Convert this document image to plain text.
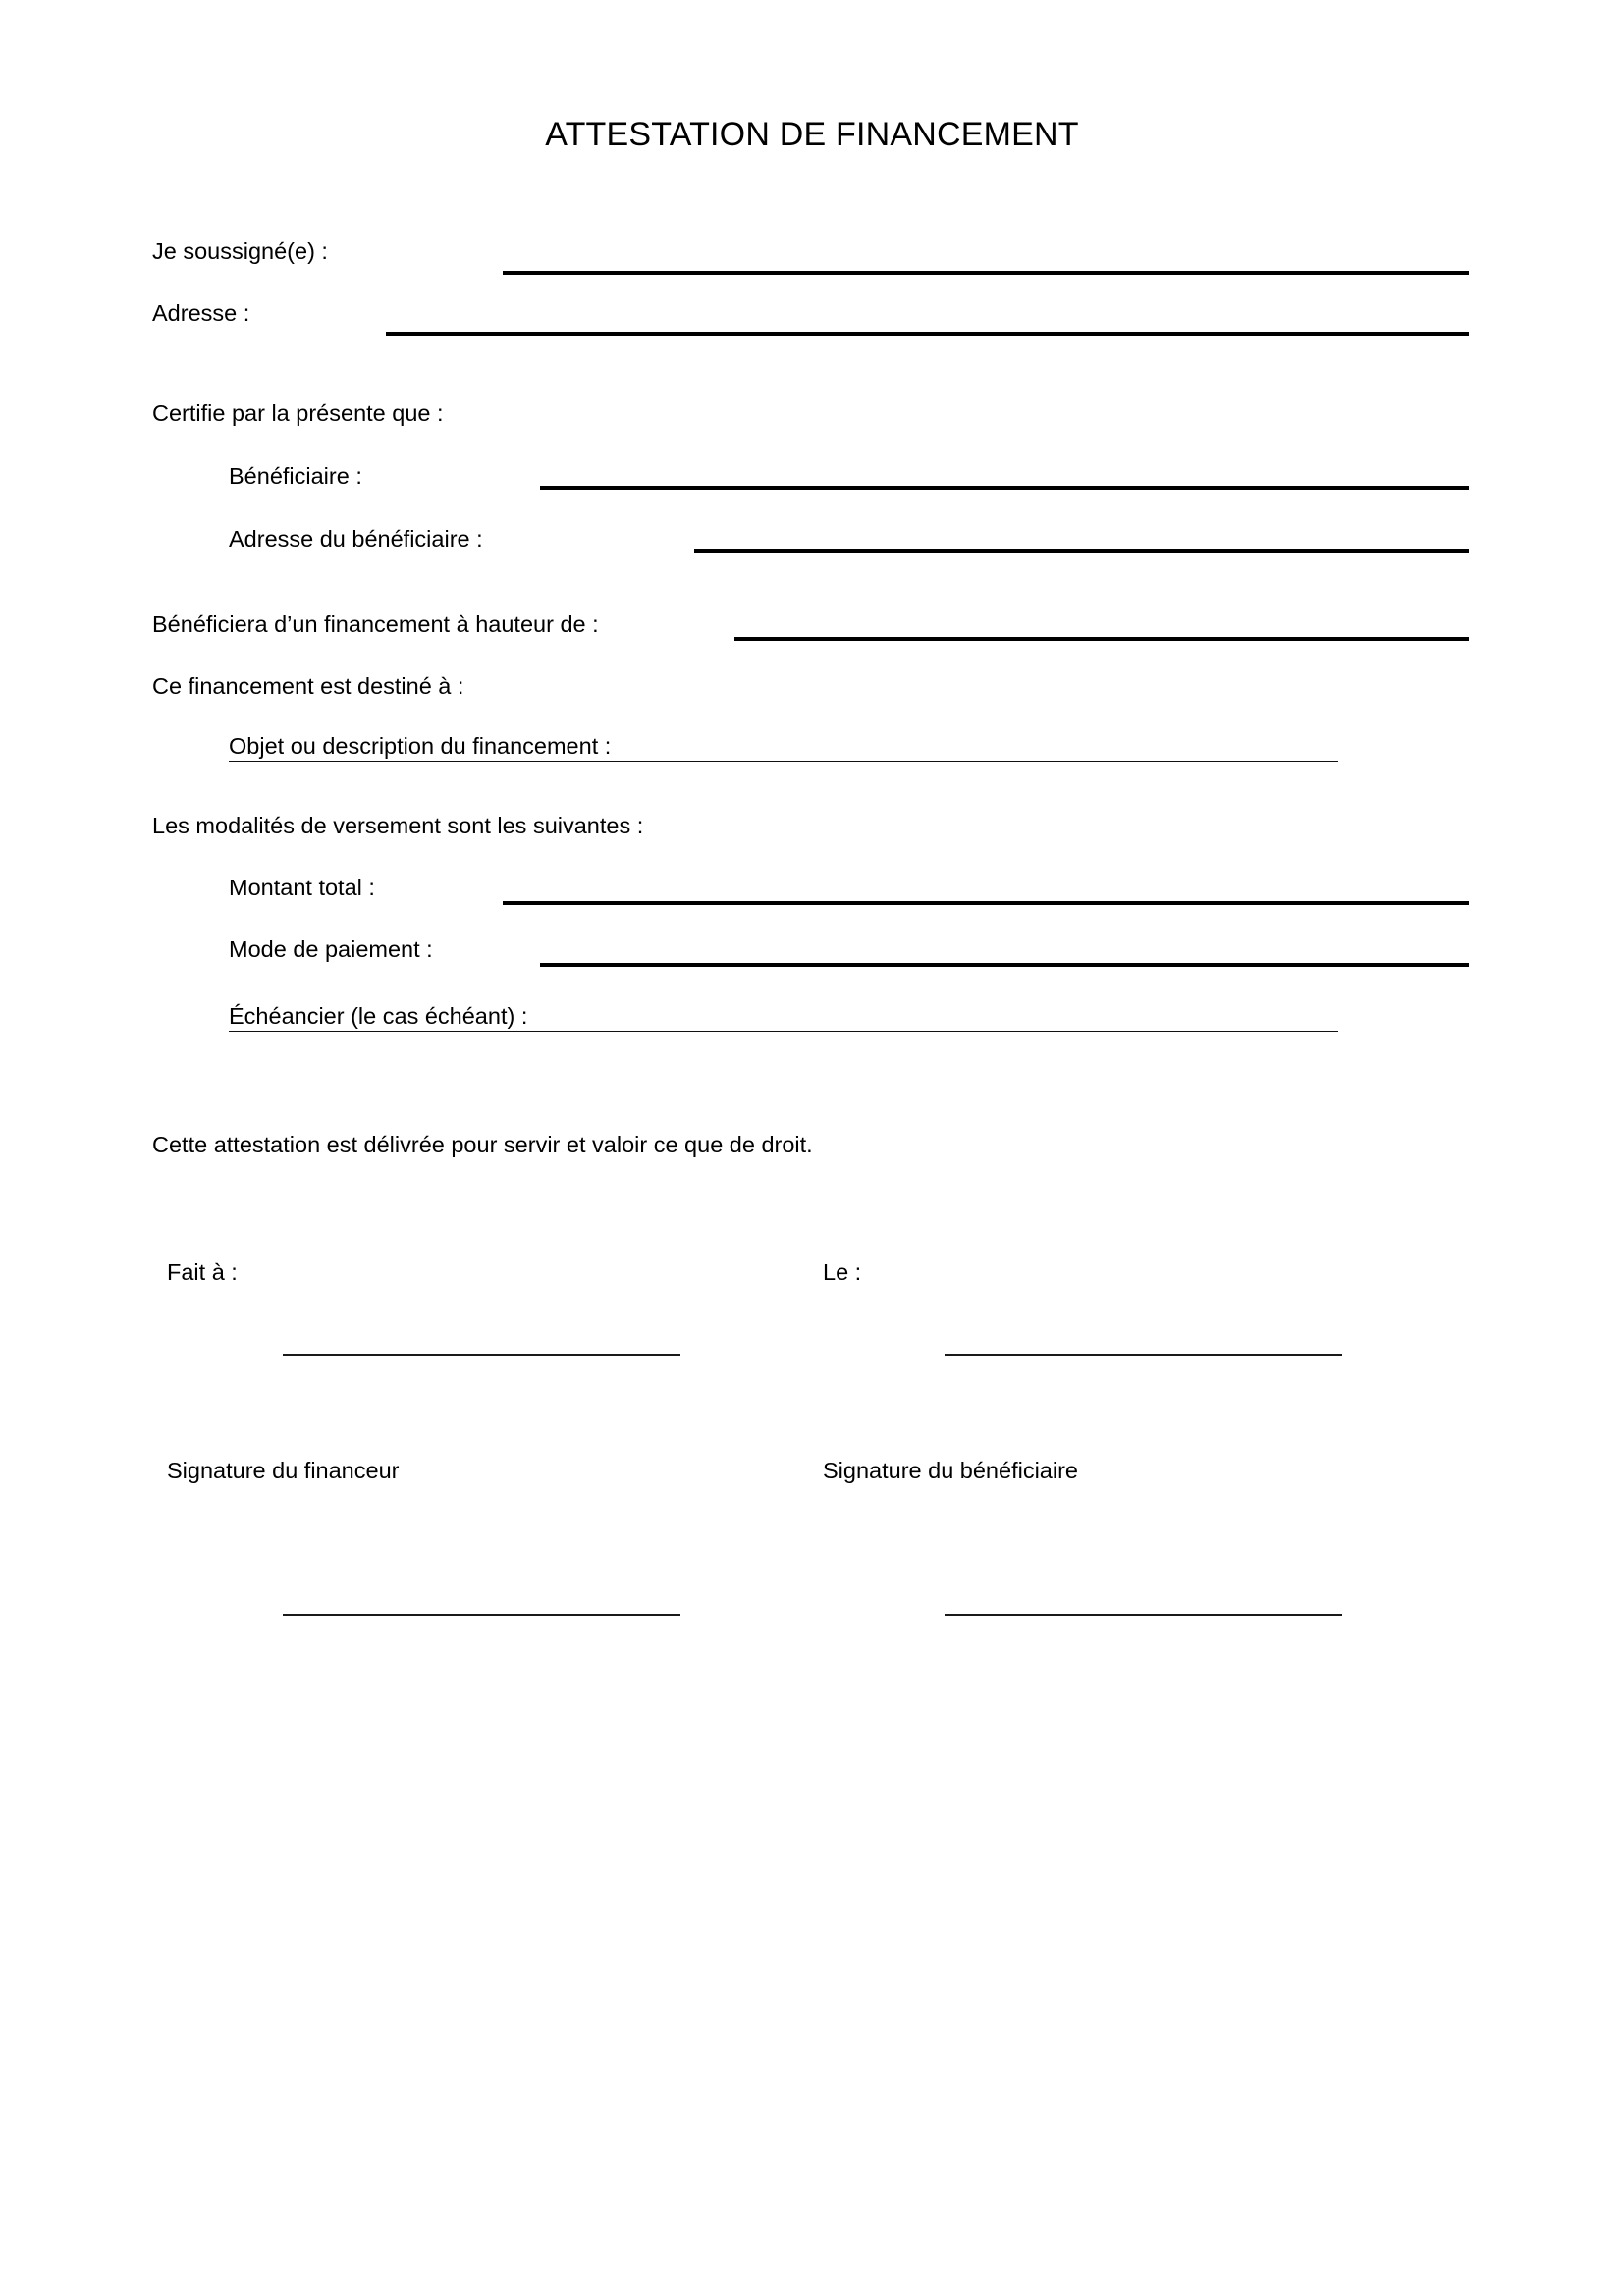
ATTESTATION DE FINANCEMENT
Je soussigné(e) :
Adresse :
Certifie par la présente que :
Bénéficiaire :
Adresse du bénéficiaire :
Bénéficiera d’un financement à hauteur de :
Ce financement est destiné à :
Objet ou description du financement :
Les modalités de versement sont les suivantes :
Montant total :
Mode de paiement :
Échéancier (le cas échéant) :
Cette attestation est délivrée pour servir et valoir ce que de droit.
Fait à :	Le :
Signature du financeur	Signature du bénéficiaire
